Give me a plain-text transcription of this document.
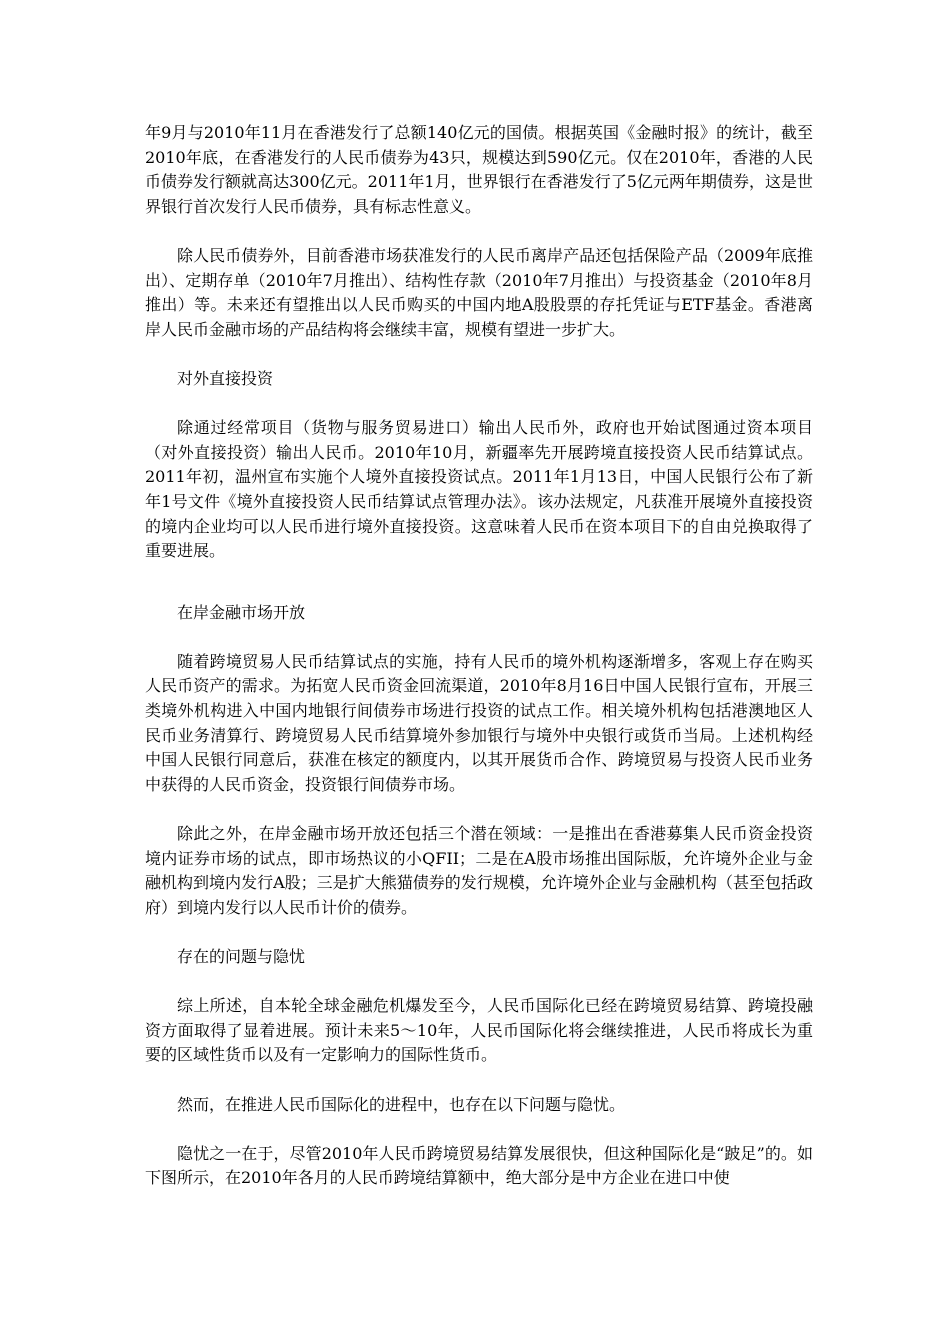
年9月与2010年11月在香港发行了总额140亿元的国债。根据英国《金融时报》的统计，截至2010年底，在香港发行的人民币债券为43只，规模达到590亿元。仅在2010年，香港的人民币债券发行额就高达300亿元。2011年1月，世界银行在香港发行了5亿元两年期债券，这是世界银行首次发行人民币债券，具有标志性意义。

除人民币债券外，目前香港市场获准发行的人民币离岸产品还包括保险产品（2009年底推出）、定期存单（2010年7月推出）、结构性存款（2010年7月推出）与投资基金（2010年8月推出）等。未来还有望推出以人民币购买的中国内地A股股票的存托凭证与ETF基金。香港离岸人民币金融市场的产品结构将会继续丰富，规模有望进一步扩大。

对外直接投资

除通过经常项目（货物与服务贸易进口）输出人民币外，政府也开始试图通过资本项目（对外直接投资）输出人民币。2010年10月，新疆率先开展跨境直接投资人民币结算试点。2011年初，温州宣布实施个人境外直接投资试点。2011年1月13日，中国人民银行公布了新年1号文件《境外直接投资人民币结算试点管理办法》。该办法规定，凡获准开展境外直接投资的境内企业均可以人民币进行境外直接投资。这意味着人民币在资本项目下的自由兑换取得了重要进展。

在岸金融市场开放

随着跨境贸易人民币结算试点的实施，持有人民币的境外机构逐渐增多，客观上存在购买人民币资产的需求。为拓宽人民币资金回流渠道，2010年8月16日中国人民银行宣布，开展三类境外机构进入中国内地银行间债券市场进行投资的试点工作。相关境外机构包括港澳地区人民币业务清算行、跨境贸易人民币结算境外参加银行与境外中央银行或货币当局。上述机构经中国人民银行同意后，获准在核定的额度内，以其开展货币合作、跨境贸易与投资人民币业务中获得的人民币资金，投资银行间债券市场。

除此之外，在岸金融市场开放还包括三个潜在领域：一是推出在香港募集人民币资金投资境内证券市场的试点，即市场热议的小QFII；二是在A股市场推出国际版，允许境外企业与金融机构到境内发行A股；三是扩大熊猫债券的发行规模，允许境外企业与金融机构（甚至包括政府）到境内发行以人民币计价的债券。

存在的问题与隐忧

综上所述，自本轮全球金融危机爆发至今，人民币国际化已经在跨境贸易结算、跨境投融资方面取得了显着进展。预计未来5～10年，人民币国际化将会继续推进，人民币将成长为重要的区域性货币以及有一定影响力的国际性货币。

然而，在推进人民币国际化的进程中，也存在以下问题与隐忧。

隐忧之一在于，尽管2010年人民币跨境贸易结算发展很快，但这种国际化是“跛足”的。如下图所示，在2010年各月的人民币跨境结算额中，绝大部分是中方企业在进口中使
